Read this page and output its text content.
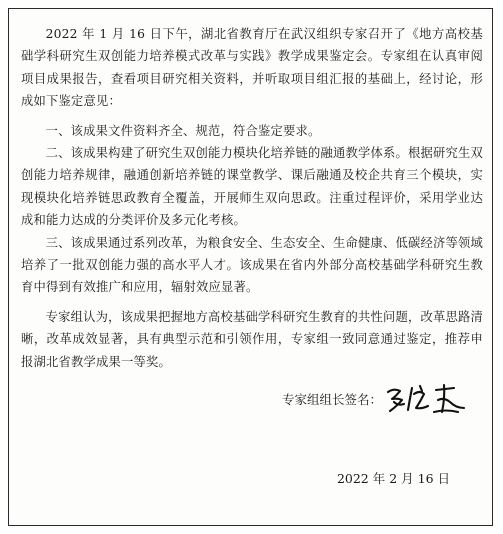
2022 年 1 月 16 日下午，湖北省教育厅在武汉组织专家召开了《地方高校基础学科研究生双创能力培养模式改革与实践》教学成果鉴定会。专家组在认真审阅项目成果报告，查看项目研究相关资料，并听取项目组汇报的基础上，经讨论，形成如下鉴定意见：

一、该成果文件资料齐全、规范，符合鉴定要求。

二、该成果构建了研究生双创能力模块化培养链的融通教学体系。根据研究生双创能力培养规律，融通创新培养链的课堂教学、课后融通及校企共育三个模块，实现模块化培养链思政教育全覆盖，开展师生双向思政。注重过程评价，采用学业达成和能力达成的分类评价及多元化考核。

三、该成果通过系列改革，为粮食安全、生态安全、生命健康、低碳经济等领域培养了一批双创能力强的高水平人才。该成果在省内外部分高校基础学科研究生教育中得到有效推广和应用，辐射效应显著。

专家组认为，该成果把握地方高校基础学科研究生教育的共性问题，改革思路清晰，改革成效显著，具有典型示范和引领作用，专家组一致同意通过鉴定，推荐申报湖北省教学成果一等奖。

专家组组长签名：
2022 年 2 月 16 日
